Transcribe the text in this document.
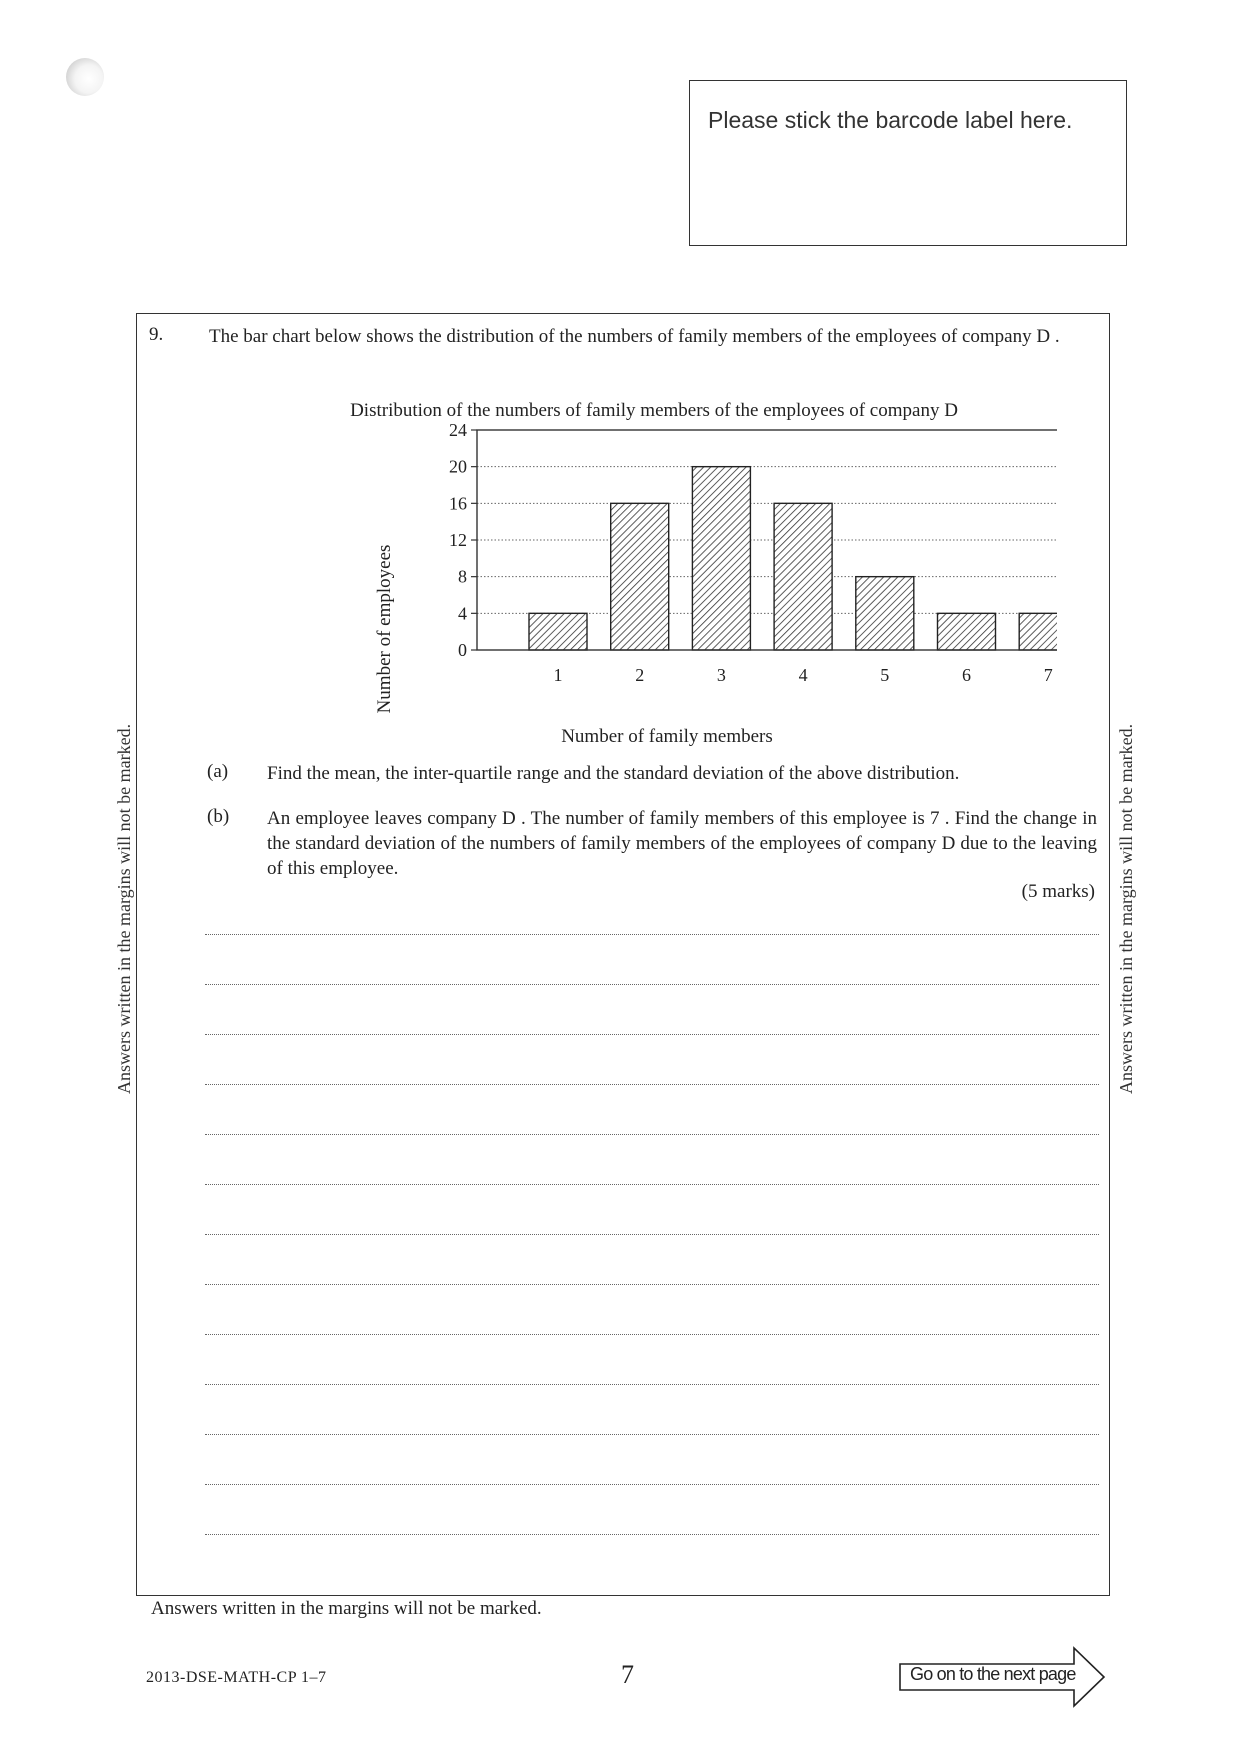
Please stick the barcode label here.
Answers written in the margins will not be marked.	Answers written in the margins will not be marked.
9. The bar chart below shows the distribution of the numbers of family members of the employees of company D .
Distribution of the numbers of family members of the employees of company D
0
4
8
12
16
20
24
1	2	3	4	5	6	7
Number of employees
Number of family members
(a) Find the mean, the inter-quartile range and the standard deviation of the above distribution.
(b) An employee leaves company D . The number of family members of this employee is 7 . Find the change in the standard deviation of the numbers of family members of the employees of company D due to the leaving of this employee.
(5 marks)
Answers written in the margins will not be marked.
2013-DSE-MATH-CP 1–7	7	Go on to the next page
